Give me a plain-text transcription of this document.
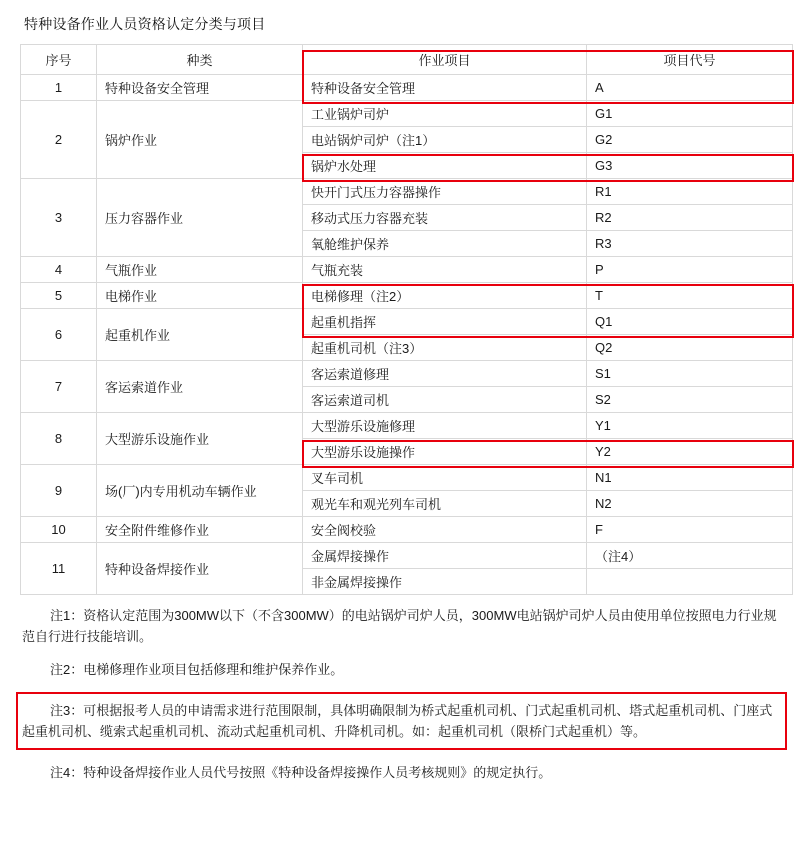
特种设备作业人员资格认定分类与项目
序号	种类	作业项目	项目代号
1	特种设备安全管理	特种设备安全管理	A
2	锅炉作业	工业锅炉司炉	G1
		电站锅炉司炉（注1）	G2
		锅炉水处理	G3
3	压力容器作业	快开门式压力容器操作	R1
		移动式压力容器充装	R2
		氧舱维护保养	R3
4	气瓶作业	气瓶充装	P
5	电梯作业	电梯修理（注2）	T
6	起重机作业	起重机指挥	Q1
		起重机司机（注3）	Q2
7	客运索道作业	客运索道修理	S1
		客运索道司机	S2
8	大型游乐设施作业	大型游乐设施修理	Y1
		大型游乐设施操作	Y2
9	场(厂)内专用机动车辆作业	叉车司机	N1
		观光车和观光列车司机	N2
10	安全附件维修作业	安全阀校验	F
11	特种设备焊接作业	金属焊接操作	（注4）
		非金属焊接操作	

注1：资格认定范围为300MW以下（不含300MW）的电站锅炉司炉人员，300MW电站锅炉司炉人员由使用单位按照电力行业规范自行进行技能培训。

注2：电梯修理作业项目包括修理和维护保养作业。

注3：可根据报考人员的申请需求进行范围限制，具体明确限制为桥式起重机司机、门式起重机司机、塔式起重机司机、门座式起重机司机、缆索式起重机司机、流动式起重机司机、升降机司机。如：起重机司机（限桥门式起重机）等。

注4：特种设备焊接作业人员代号按照《特种设备焊接操作人员考核规则》的规定执行。
